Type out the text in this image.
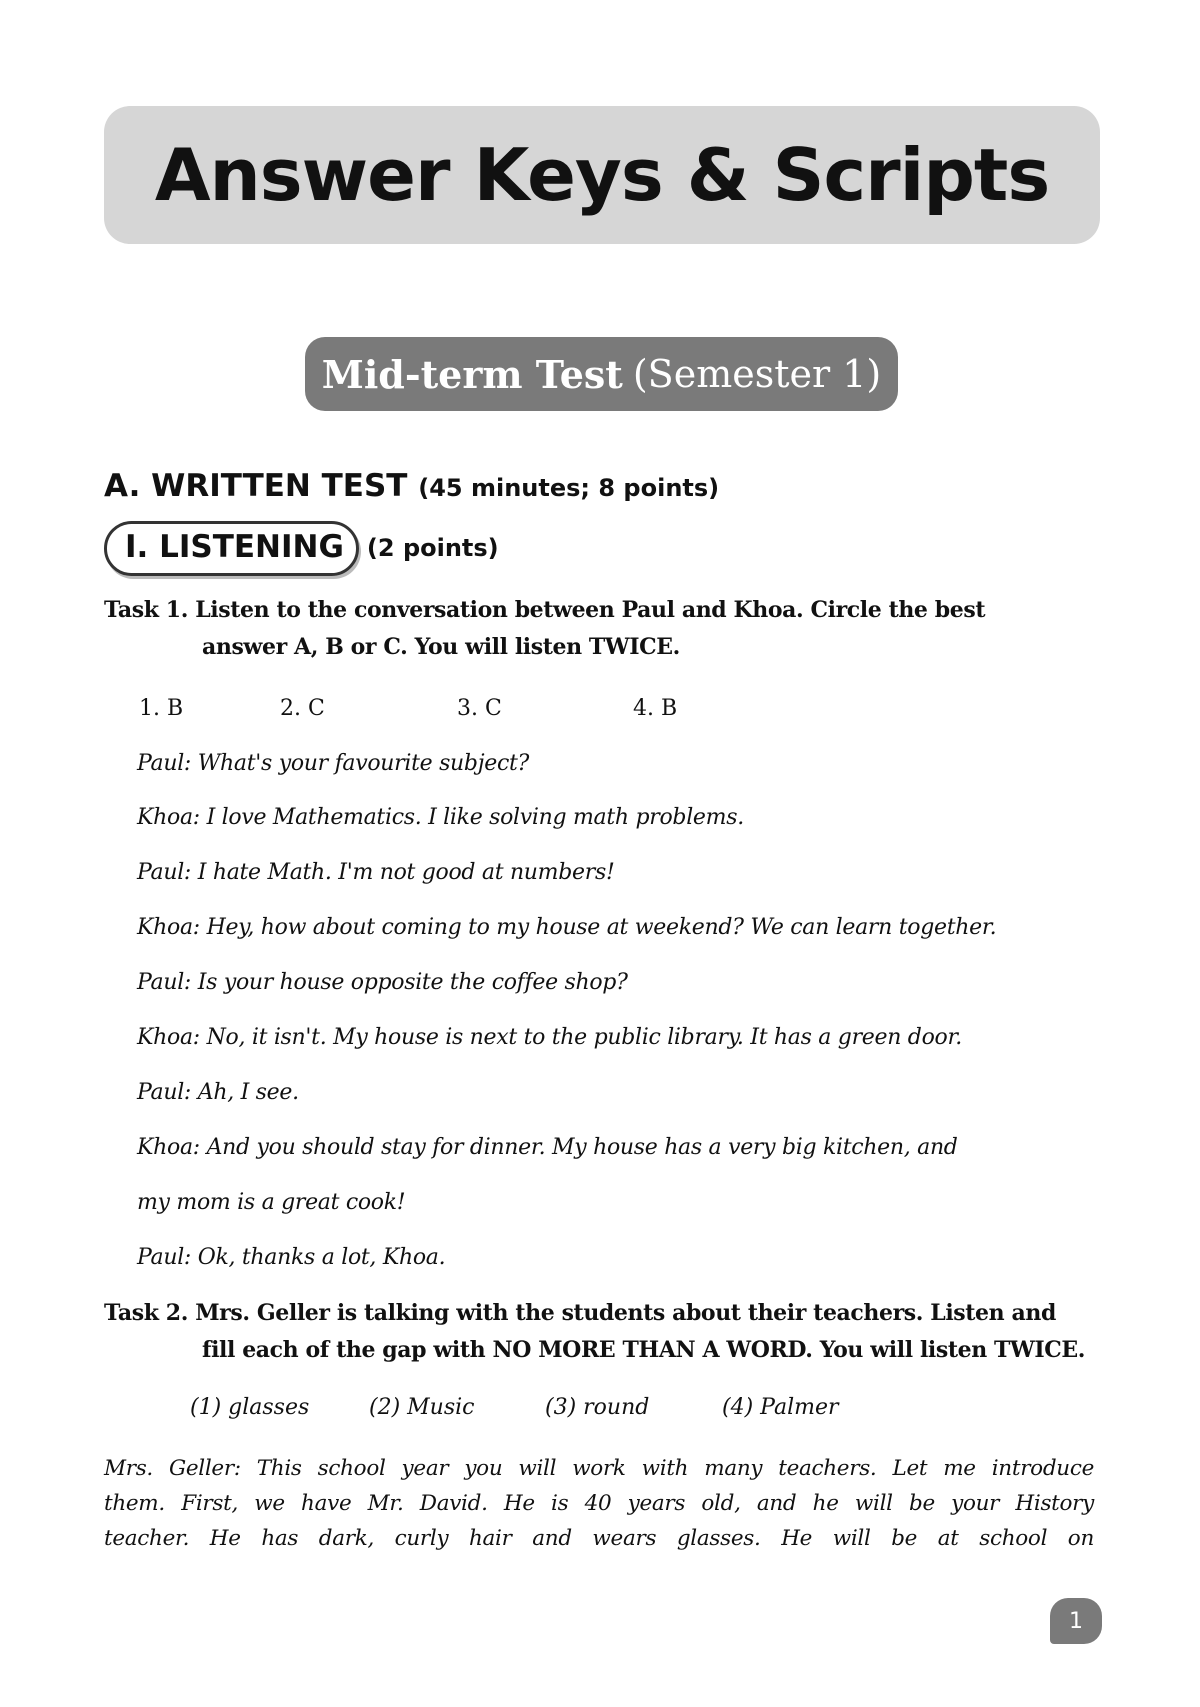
Answer Keys & Scripts
Mid-term Test (Semester 1)
A. WRITTEN TEST (45 minutes; 8 points)
I. LISTENING (2 points)
Task 1. Listen to the conversation between Paul and Khoa. Circle the best
answer A, B or C. You will listen TWICE.
1. B	2. C	3. C	4. B
Paul: What's your favourite subject?
Khoa: I love Mathematics. I like solving math problems.
Paul: I hate Math. I'm not good at numbers!
Khoa: Hey, how about coming to my house at weekend? We can learn together.
Paul: Is your house opposite the coffee shop?
Khoa: No, it isn't. My house is next to the public library. It has a green door.
Paul: Ah, I see.
Khoa: And you should stay for dinner. My house has a very big kitchen, and
my mom is a great cook!
Paul: Ok, thanks a lot, Khoa.
Task 2. Mrs. Geller is talking with the students about their teachers. Listen and
fill each of the gap with NO MORE THAN A WORD. You will listen TWICE.
(1) glasses	(2) Music	(3) round	(4) Palmer
Mrs. Geller: This school year you will work with many teachers. Let me introduce
them. First, we have Mr. David. He is 40 years old, and he will be your History
teacher. He has dark, curly hair and wears glasses. He will be at school on
1
